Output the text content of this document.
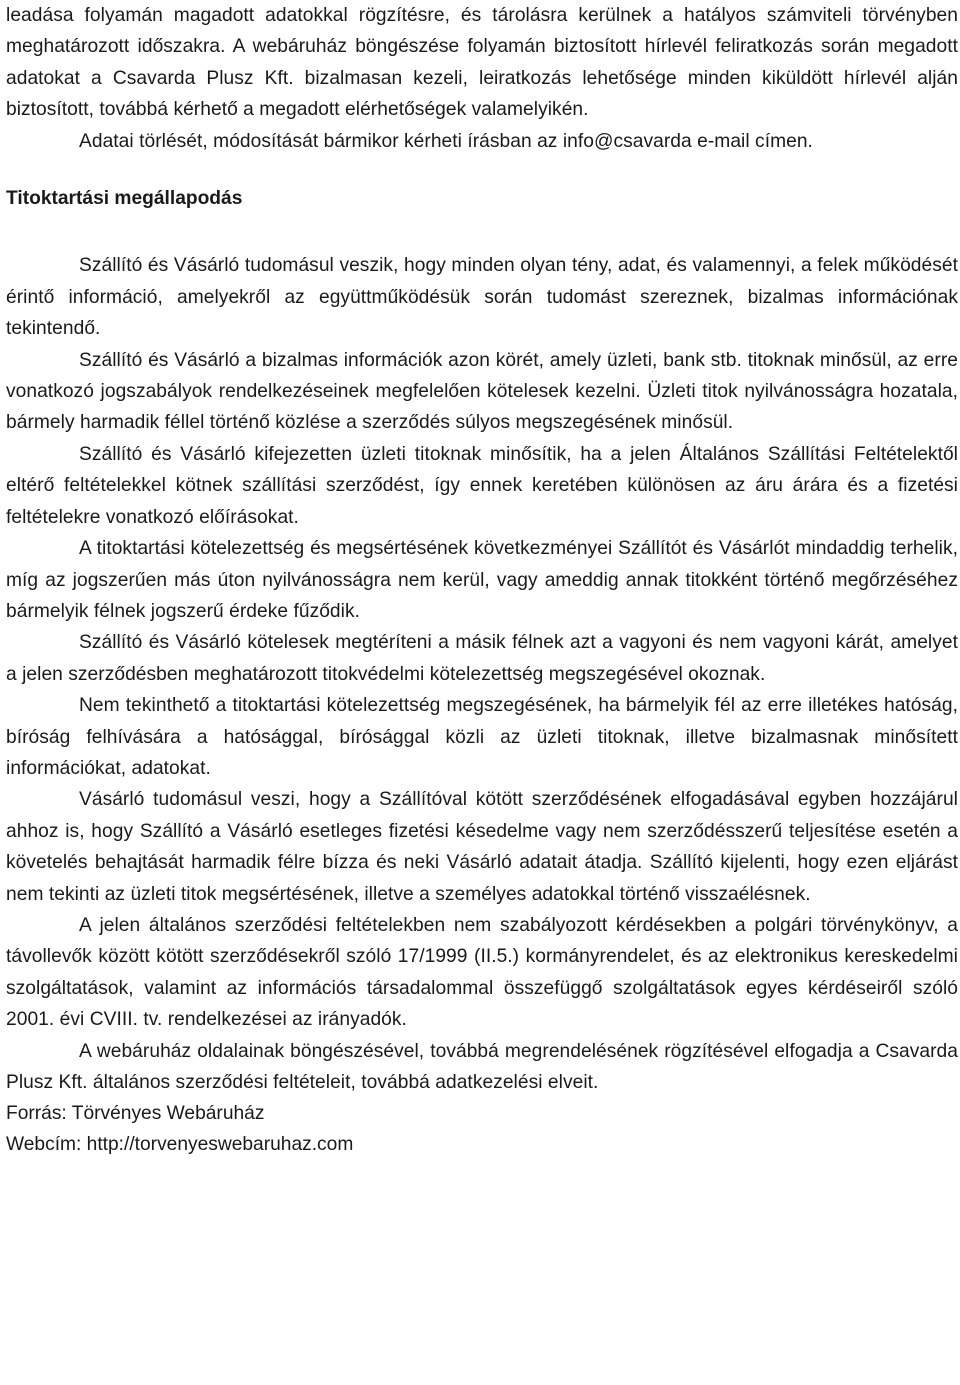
leadása folyamán magadott adatokkal rögzítésre, és tárolásra kerülnek a hatályos számviteli törvényben meghatározott időszakra. A webáruház böngészése folyamán biztosított hírlevél feliratkozás során megadott adatokat a Csavarda Plusz Kft. bizalmasan kezeli, leiratkozás lehetősége minden kiküldött hírlevél alján biztosított, továbbá kérhető a megadott elérhetőségek valamelyikén.

Adatai törlését, módosítását bármikor kérheti írásban az info@csavarda e-mail címen.

Titoktartási megállapodás

Szállító és Vásárló tudomásul veszik, hogy minden olyan tény, adat, és valamennyi, a felek működését érintő információ, amelyekről az együttműködésük során tudomást szereznek, bizalmas információnak tekintendő.

Szállító és Vásárló a bizalmas információk azon körét, amely üzleti, bank stb. titoknak minősül, az erre vonatkozó jogszabályok rendelkezéseinek megfelelően kötelesek kezelni. Üzleti titok nyilvánosságra hozatala, bármely harmadik féllel történő közlése a szerződés súlyos megszegésének minősül.

Szállító és Vásárló kifejezetten üzleti titoknak minősítik, ha a jelen Általános Szállítási Feltételektől eltérő feltételekkel kötnek szállítási szerződést, így ennek keretében különösen az áru árára és a fizetési feltételekre vonatkozó előírásokat.

A titoktartási kötelezettség és megsértésének következményei Szállítót és Vásárlót mindaddig terhelik, míg az jogszerűen más úton nyilvánosságra nem kerül, vagy ameddig annak titokként történő megőrzéséhez bármelyik félnek jogszerű érdeke fűződik.

Szállító és Vásárló kötelesek megtéríteni a másik félnek azt a vagyoni és nem vagyoni kárát, amelyet a jelen szerződésben meghatározott titokvédelmi kötelezettség megszegésével okoznak.

Nem tekinthető a titoktartási kötelezettség megszegésének, ha bármelyik fél az erre illetékes hatóság, bíróság felhívására a hatósággal, bírósággal közli az üzleti titoknak, illetve bizalmasnak minősített információkat, adatokat.

Vásárló tudomásul veszi, hogy a Szállítóval kötött szerződésének elfogadásával egyben hozzájárul ahhoz is, hogy Szállító a Vásárló esetleges fizetési késedelme vagy nem szerződésszerű teljesítése esetén a követelés behajtását harmadik félre bízza és neki Vásárló adatait átadja. Szállító kijelenti, hogy ezen eljárást nem tekinti az üzleti titok megsértésének, illetve a személyes adatokkal történő visszaélésnek.

A jelen általános szerződési feltételekben nem szabályozott kérdésekben a polgári törvénykönyv, a távollevők között kötött szerződésekről szóló 17/1999 (II.5.) kormányrendelet, és az elektronikus kereskedelmi szolgáltatások, valamint az információs társadalommal összefüggő szolgáltatások egyes kérdéseiről szóló 2001. évi CVIII. tv. rendelkezései az irányadók.

A webáruház oldalainak böngészésével, továbbá megrendelésének rögzítésével elfogadja a Csavarda Plusz Kft. általános szerződési feltételeit, továbbá adatkezelési elveit.

Forrás: Törvényes Webáruház

Webcím: http://torvenyeswebaruhaz.com
